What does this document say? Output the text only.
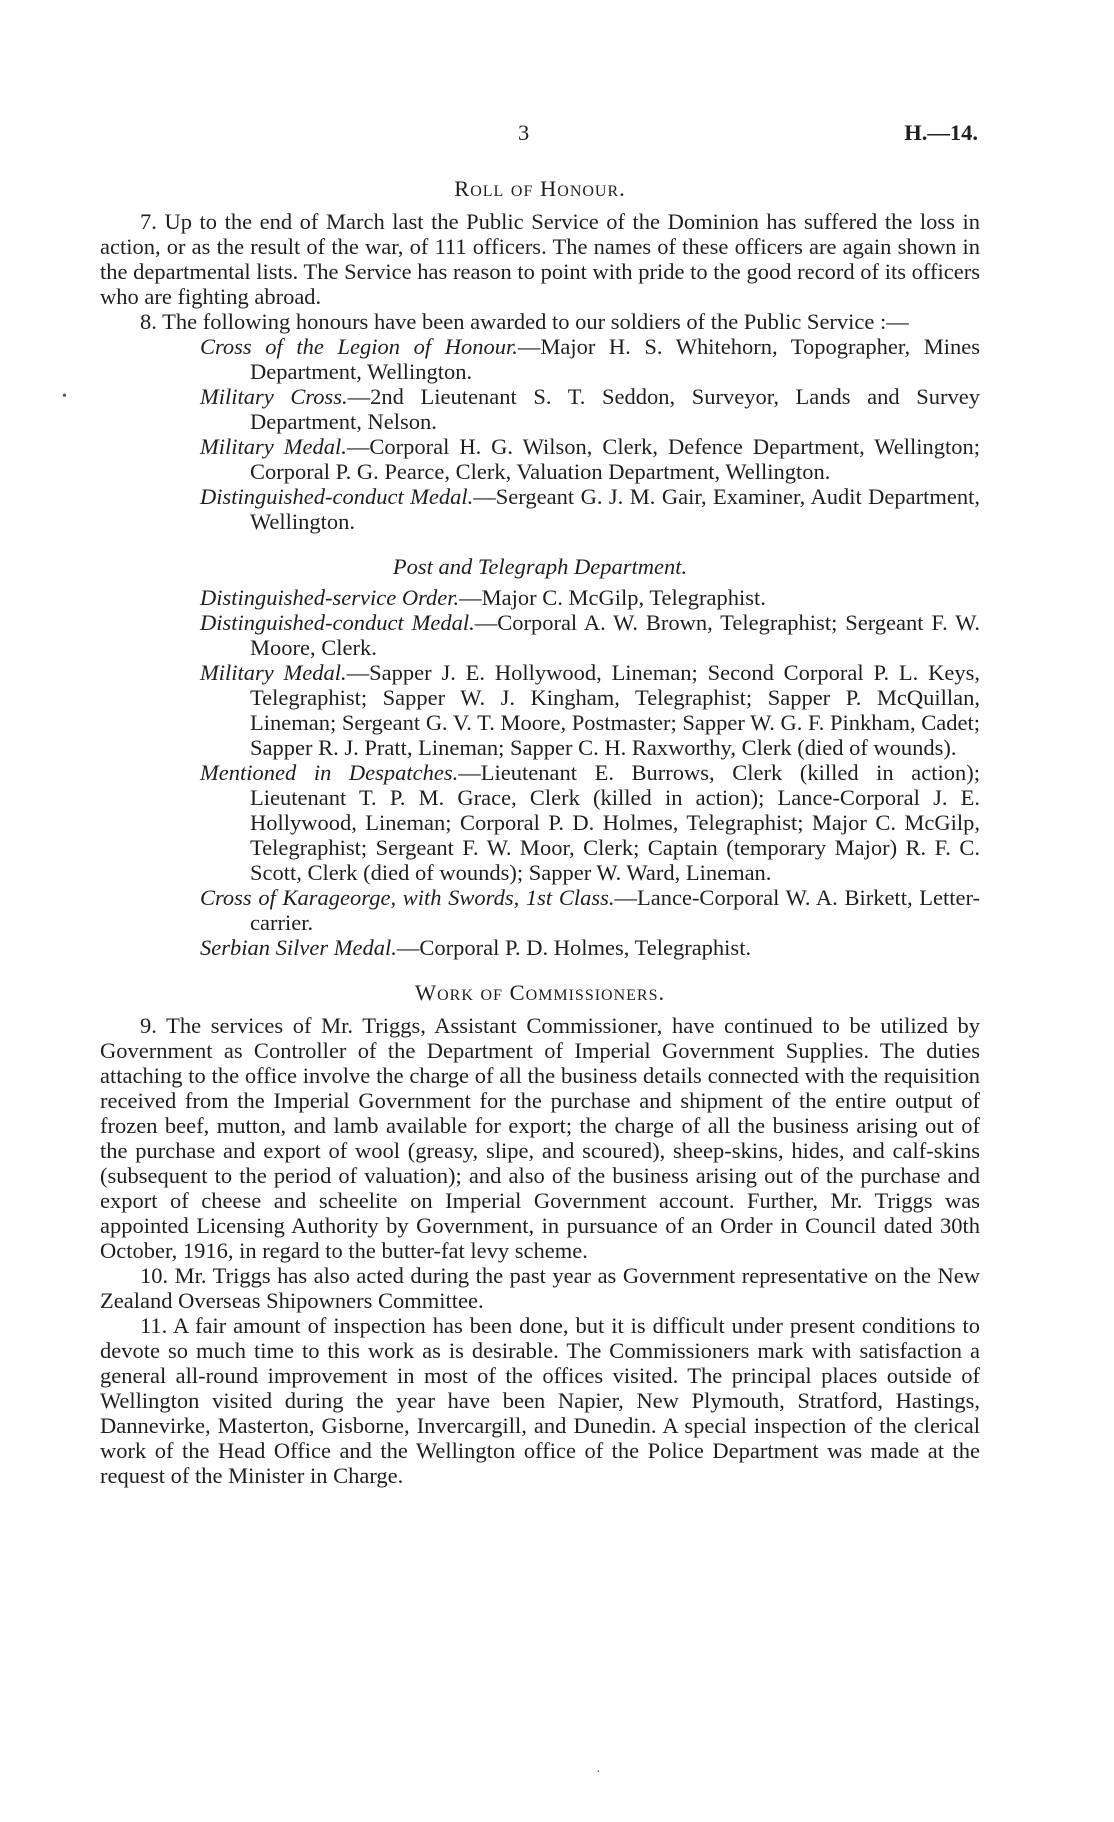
•
·
3	H.—14.
Roll of Honour.

7. Up to the end of March last the Public Service of the Dominion has suffered the loss in action, or as the result of the war, of 111 officers. The names of these officers are again shown in the departmental lists. The Service has reason to point with pride to the good record of its officers who are fighting abroad.

8. The following honours have been awarded to our soldiers of the Public Service :—

Cross of the Legion of Honour.—Major H. S. Whitehorn, Topographer, Mines Department, Wellington.

Military Cross.—2nd Lieutenant S. T. Seddon, Surveyor, Lands and Survey Department, Nelson.

Military Medal.—Corporal H. G. Wilson, Clerk, Defence Department, Wellington; Corporal P. G. Pearce, Clerk, Valuation Department, Wellington.

Distinguished-conduct Medal.—Sergeant G. J. M. Gair, Examiner, Audit Department, Wellington.

Post and Telegraph Department.

Distinguished-service Order.—Major C. McGilp, Telegraphist.

Distinguished-conduct Medal.—Corporal A. W. Brown, Telegraphist; Sergeant F. W. Moore, Clerk.

Military Medal.—Sapper J. E. Hollywood, Lineman; Second Corporal P. L. Keys, Telegraphist; Sapper W. J. Kingham, Telegraphist; Sapper P. McQuillan, Lineman; Sergeant G. V. T. Moore, Postmaster; Sapper W. G. F. Pinkham, Cadet; Sapper R. J. Pratt, Lineman; Sapper C. H. Raxworthy, Clerk (died of wounds).

Mentioned in Despatches.—Lieutenant E. Burrows, Clerk (killed in action); Lieutenant T. P. M. Grace, Clerk (killed in action); Lance-Corporal J. E. Hollywood, Lineman; Corporal P. D. Holmes, Telegraphist; Major C. McGilp, Telegraphist; Sergeant F. W. Moor, Clerk; Captain (temporary Major) R. F. C. Scott, Clerk (died of wounds); Sapper W. Ward, Lineman.

Cross of Karageorge, with Swords, 1st Class.—Lance-Corporal W. A. Birkett, Letter-carrier.

Serbian Silver Medal.—Corporal P. D. Holmes, Telegraphist.

Work of Commissioners.

9. The services of Mr. Triggs, Assistant Commissioner, have continued to be utilized by Government as Controller of the Department of Imperial Government Supplies. The duties attaching to the office involve the charge of all the business details connected with the requisition received from the Imperial Government for the purchase and shipment of the entire output of frozen beef, mutton, and lamb available for export; the charge of all the business arising out of the purchase and export of wool (greasy, slipe, and scoured), sheep-skins, hides, and calf-skins (subsequent to the period of valuation); and also of the business arising out of the purchase and export of cheese and scheelite on Imperial Government account. Further, Mr. Triggs was appointed Licensing Authority by Government, in pursuance of an Order in Council dated 30th October, 1916, in regard to the butter-fat levy scheme.

10. Mr. Triggs has also acted during the past year as Government representative on the New Zealand Overseas Shipowners Committee.

11. A fair amount of inspection has been done, but it is difficult under present conditions to devote so much time to this work as is desirable. The Commissioners mark with satisfaction a general all-round improvement in most of the offices visited. The principal places outside of Wellington visited during the year have been Napier, New Plymouth, Stratford, Hastings, Dannevirke, Masterton, Gisborne, Invercargill, and Dunedin. A special inspection of the clerical work of the Head Office and the Wellington office of the Police Department was made at the request of the Minister in Charge.
